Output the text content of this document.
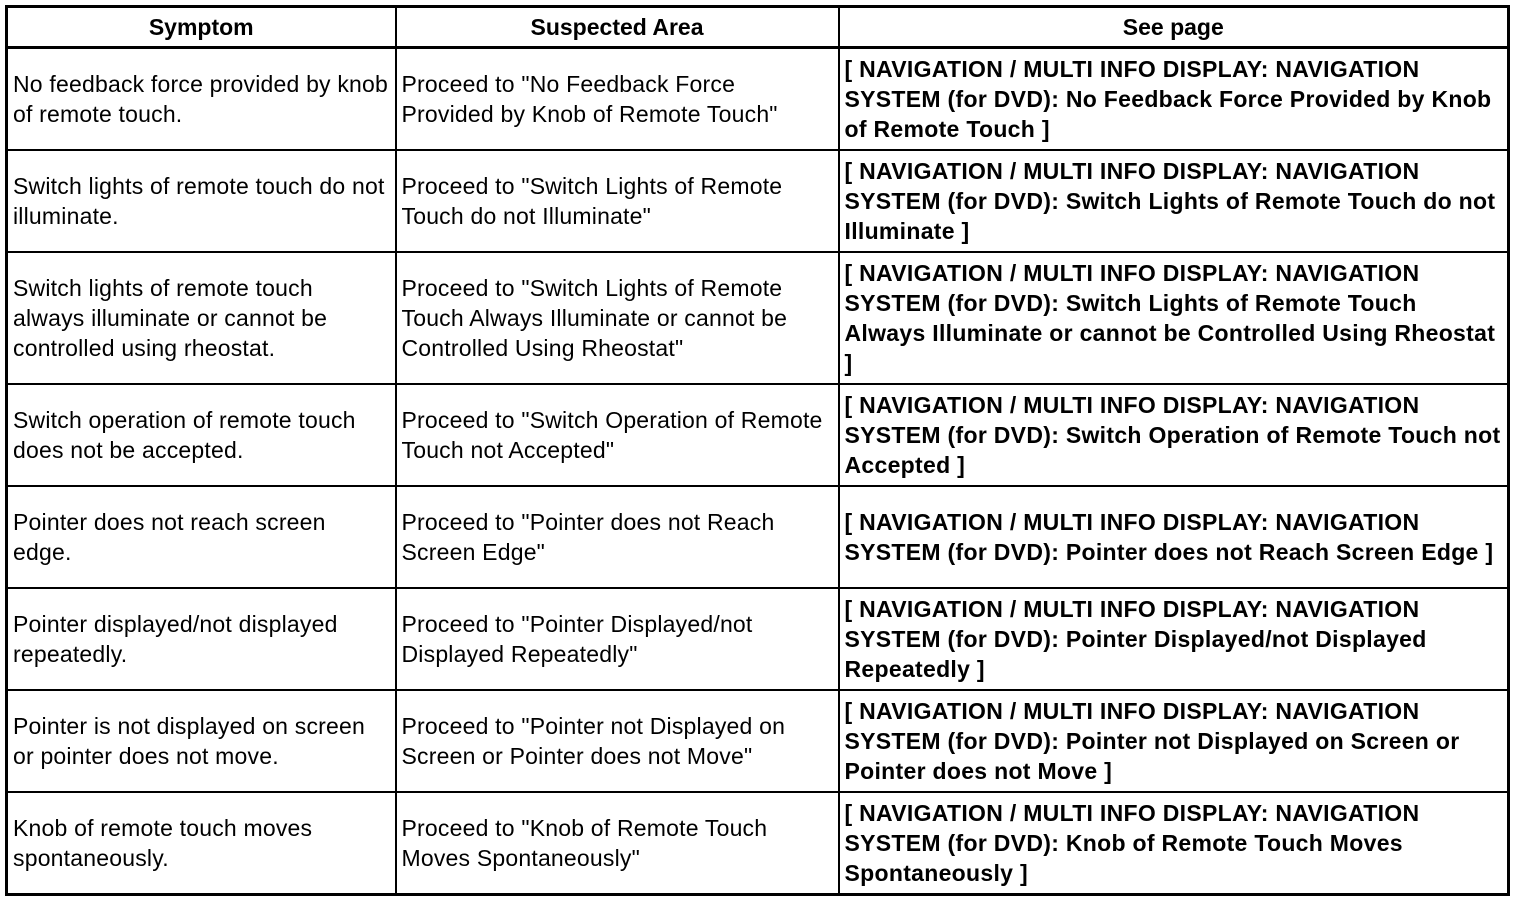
Symptom	Suspected Area	See page
No feedback force provided by knob of remote touch.	Proceed to "No Feedback Force Provided by Knob of Remote Touch"	[ NAVIGATION / MULTI INFO DISPLAY: NAVIGATION SYSTEM (for DVD): No Feedback Force Provided by Knob of Remote Touch ]
Switch lights of remote touch do not illuminate.	Proceed to "Switch Lights of Remote Touch do not Illuminate"	[ NAVIGATION / MULTI INFO DISPLAY: NAVIGATION SYSTEM (for DVD): Switch Lights of Remote Touch do not Illuminate ]
Switch lights of remote touch always illuminate or cannot be controlled using rheostat.	Proceed to "Switch Lights of Remote Touch Always Illuminate or cannot be Controlled Using Rheostat"	[ NAVIGATION / MULTI INFO DISPLAY: NAVIGATION SYSTEM (for DVD): Switch Lights of Remote Touch Always Illuminate or cannot be Controlled Using Rheostat ]
Switch operation of remote touch does not be accepted.	Proceed to "Switch Operation of Remote Touch not Accepted"	[ NAVIGATION / MULTI INFO DISPLAY: NAVIGATION SYSTEM (for DVD): Switch Operation of Remote Touch not Accepted ]
Pointer does not reach screen edge.	Proceed to "Pointer does not Reach Screen Edge"	[ NAVIGATION / MULTI INFO DISPLAY: NAVIGATION SYSTEM (for DVD): Pointer does not Reach Screen Edge ]
Pointer displayed/not displayed repeatedly.	Proceed to "Pointer Displayed/not Displayed Repeatedly"	[ NAVIGATION / MULTI INFO DISPLAY: NAVIGATION SYSTEM (for DVD): Pointer Displayed/not Displayed Repeatedly ]
Pointer is not displayed on screen or pointer does not move.	Proceed to "Pointer not Displayed on Screen or Pointer does not Move"	[ NAVIGATION / MULTI INFO DISPLAY: NAVIGATION SYSTEM (for DVD): Pointer not Displayed on Screen or Pointer does not Move ]
Knob of remote touch moves spontaneously.	Proceed to "Knob of Remote Touch Moves Spontaneously"	[ NAVIGATION / MULTI INFO DISPLAY: NAVIGATION SYSTEM (for DVD): Knob of Remote Touch Moves Spontaneously ]
